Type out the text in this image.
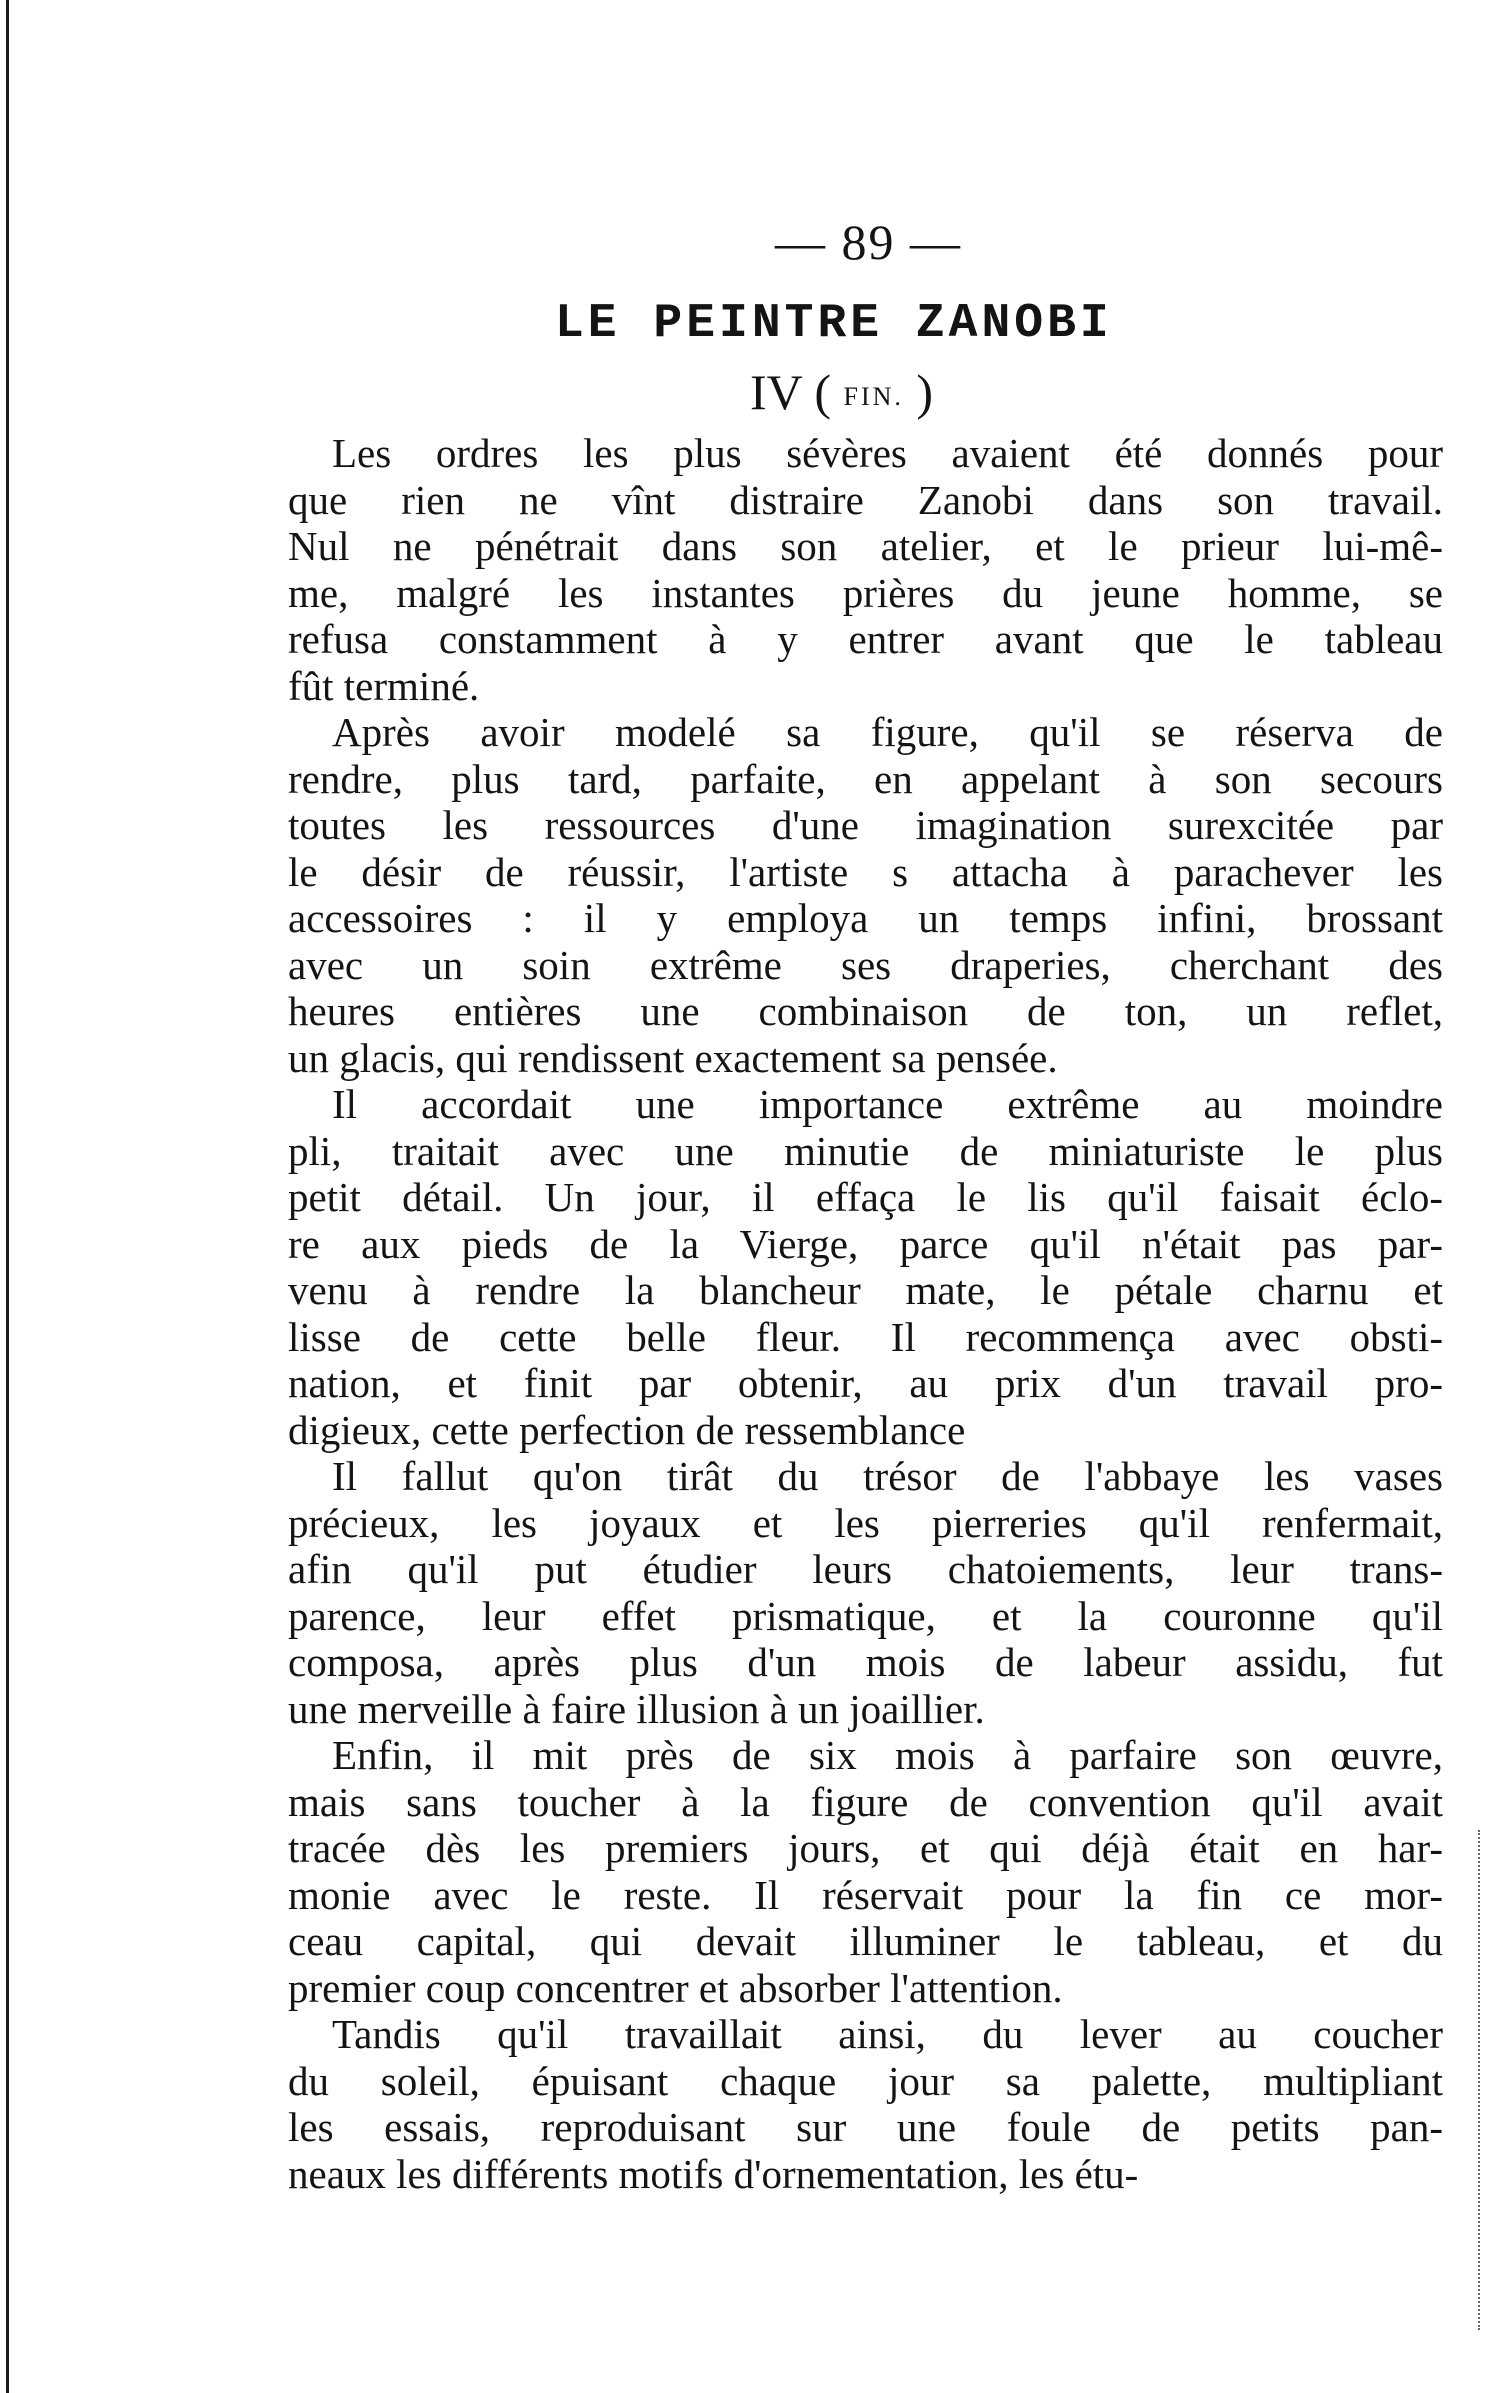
— 89 —
LE PEINTRE ZANOBI
IV ( FIN. )
Les ordres les plus sévères avaient été donnés pour
que rien ne vînt distraire Zanobi dans son travail.
Nul ne pénétrait dans son atelier, et le prieur lui-mê-
me, malgré les instantes prières du jeune homme, se
refusa constamment à y entrer avant que le tableau
fût terminé.
Après avoir modelé sa figure, qu'il se réserva de
rendre, plus tard, parfaite, en appelant à son secours
toutes les ressources d'une imagination surexcitée par
le désir de réussir, l'artiste s attacha à parachever les
accessoires : il y employa un temps infini, brossant
avec un soin extrême ses draperies, cherchant des
heures entières une combinaison de ton, un reflet,
un glacis, qui rendissent exactement sa pensée.
Il accordait une importance extrême au moindre
pli, traitait avec une minutie de miniaturiste le plus
petit détail. Un jour, il effaça le lis qu'il faisait éclo-
re aux pieds de la Vierge, parce qu'il n'était pas par-
venu à rendre la blancheur mate, le pétale charnu et
lisse de cette belle fleur. Il recommença avec obsti-
nation, et finit par obtenir, au prix d'un travail pro-
digieux, cette perfection de ressemblance
Il fallut qu'on tirât du trésor de l'abbaye les vases
précieux, les joyaux et les pierreries qu'il renfermait,
afin qu'il put étudier leurs chatoiements, leur trans-
parence, leur effet prismatique, et la couronne qu'il
composa, après plus d'un mois de labeur assidu, fut
une merveille à faire illusion à un joaillier.
Enfin, il mit près de six mois à parfaire son œuvre,
mais sans toucher à la figure de convention qu'il avait
tracée dès les premiers jours, et qui déjà était en har-
monie avec le reste. Il réservait pour la fin ce mor-
ceau capital, qui devait illuminer le tableau, et du
premier coup concentrer et absorber l'attention.
Tandis qu'il travaillait ainsi, du lever au coucher
du soleil, épuisant chaque jour sa palette, multipliant
les essais, reproduisant sur une foule de petits pan-
neaux les différents motifs d'ornementation, les étu-
